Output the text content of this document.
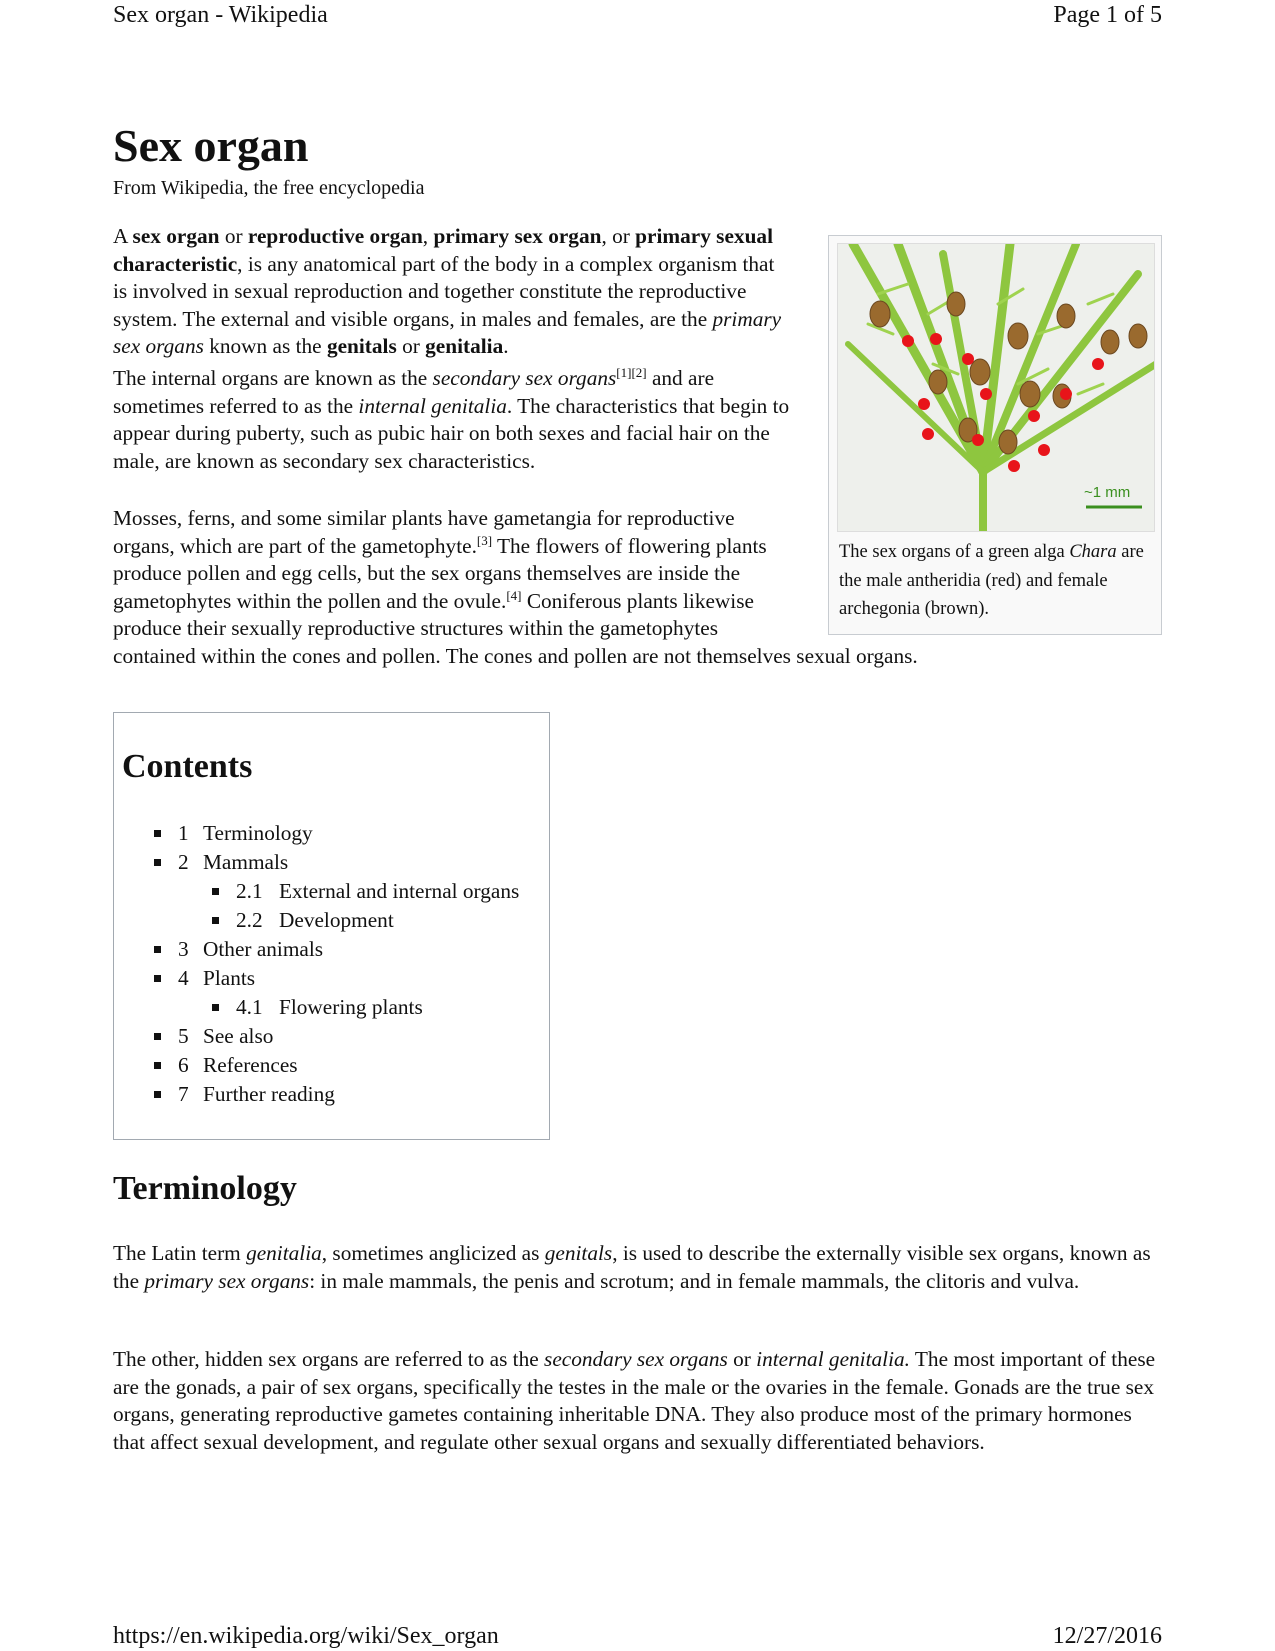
Sex organ - Wikipedia	Page 1 of 5
Sex organ
From Wikipedia, the free encyclopedia

A sex organ or reproductive organ, primary sex organ, or primary sexual characteristic, is any anatomical part of the body in a complex organism that is involved in sexual reproduction and together constitute the reproductive system. The external and visible organs, in males and females, are the primary sex organs known as the genitals or genitalia.

The internal organs are known as the secondary sex organs[1][2] and are sometimes referred to as the internal genitalia. The characteristics that begin to appear during puberty, such as pubic hair on both sexes and facial hair on the male, are known as secondary sex characteristics.

Mosses, ferns, and some similar plants have gametangia for reproductive organs, which are part of the gametophyte.[3] The flowers of flowering plants produce pollen and egg cells, but the sex organs themselves are inside the gametophytes within the pollen and the ovule.[4] Coniferous plants likewise produce their sexually reproductive structures within the gametophytes contained within the cones and pollen. The cones and pollen are not themselves sexual organs.

~1 mm
The sex organs of a green alga Chara are the male antheridia (red) and female archegonia (brown).
Contents
1 Terminology
2 Mammals
2.1 External and internal organs
2.2 Development
3 Other animals
4 Plants
4.1 Flowering plants
5 See also
6 References
7 Further reading
Terminology

The Latin term genitalia, sometimes anglicized as genitals, is used to describe the externally visible sex organs, known as the primary sex organs: in male mammals, the penis and scrotum; and in female mammals, the clitoris and vulva.

The other, hidden sex organs are referred to as the secondary sex organs or internal genitalia. The most important of these are the gonads, a pair of sex organs, specifically the testes in the male or the ovaries in the female. Gonads are the true sex organs, generating reproductive gametes containing inheritable DNA. They also produce most of the primary hormones that affect sexual development, and regulate other sexual organs and sexually differentiated behaviors.

https://en.wikipedia.org/wiki/Sex_organ	12/27/2016
